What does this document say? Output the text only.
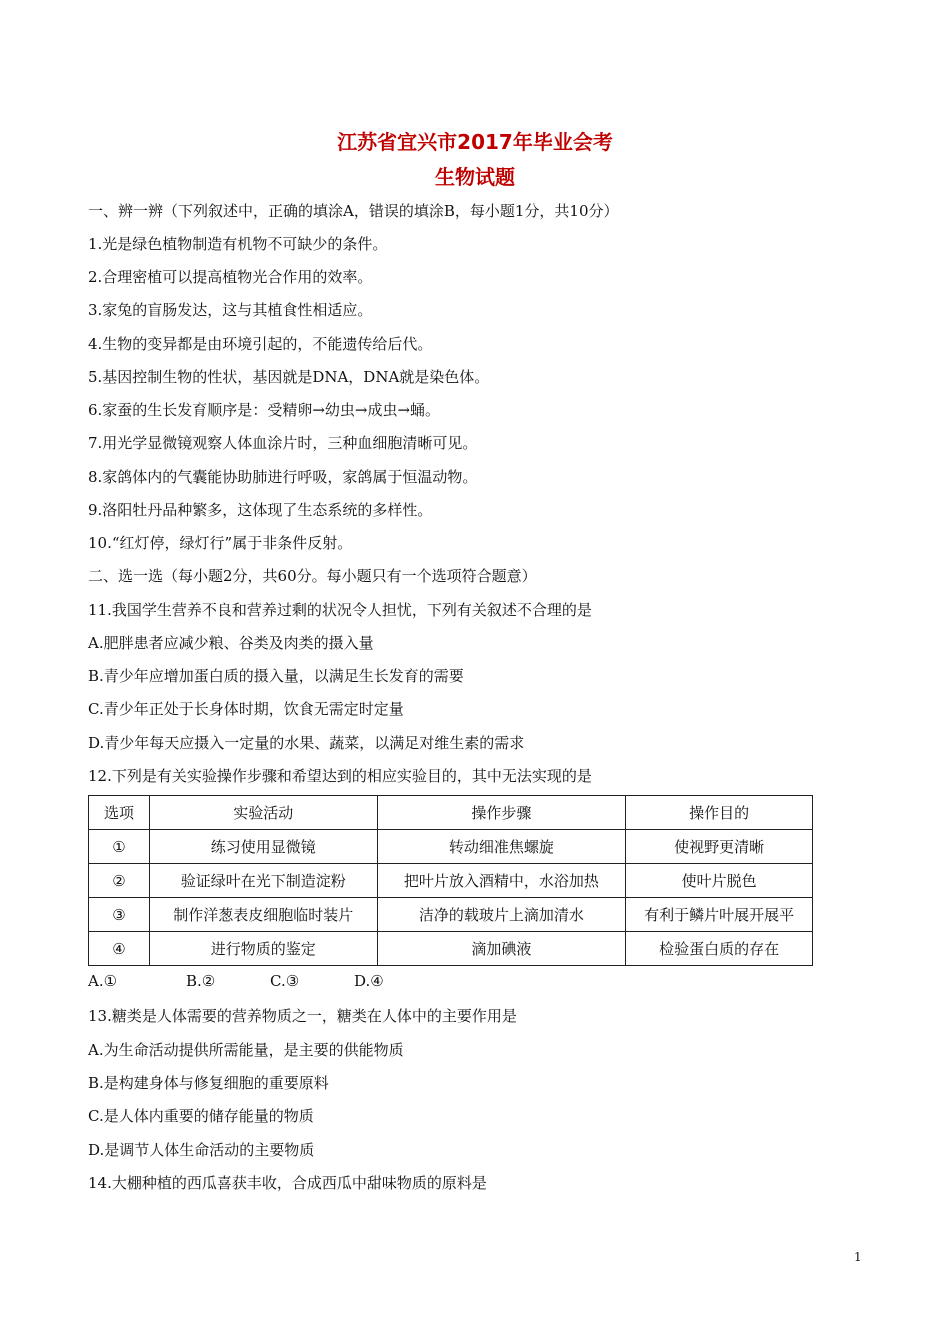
江苏省宜兴市2017年毕业会考
生物试题
一、辨一辨（下列叙述中，正确的填涂A，错误的填涂B，每小题1分，共10分）
1.光是绿色植物制造有机物不可缺少的条件。
2.合理密植可以提高植物光合作用的效率。
3.家兔的盲肠发达，这与其植食性相适应。
4.生物的变异都是由环境引起的，不能遗传给后代。
5.基因控制生物的性状，基因就是DNA，DNA就是染色体。
6.家蚕的生长发育顺序是：受精卵→幼虫→成虫→蛹。
7.用光学显微镜观察人体血涂片时，三种血细胞清晰可见。
8.家鸽体内的气囊能协助肺进行呼吸，家鸽属于恒温动物。
9.洛阳牡丹品种繁多，这体现了生态系统的多样性。
10.“红灯停，绿灯行”属于非条件反射。
二、选一选（每小题2分，共60分。每小题只有一个选项符合题意）
11.我国学生营养不良和营养过剩的状况令人担忧，下列有关叙述不合理的是
A.肥胖患者应减少粮、谷类及肉类的摄入量
B.青少年应增加蛋白质的摄入量，以满足生长发育的需要
C.青少年正处于长身体时期，饮食无需定时定量
D.青少年每天应摄入一定量的水果、蔬菜，以满足对维生素的需求
12.下列是有关实验操作步骤和希望达到的相应实验目的，其中无法实现的是
选项	实验活动	操作步骤	操作目的
①	练习使用显微镜	转动细准焦螺旋	使视野更清晰
②	验证绿叶在光下制造淀粉	把叶片放入酒精中，水浴加热	使叶片脱色
③	制作洋葱表皮细胞临时装片	洁净的载玻片上滴加清水	有利于鳞片叶展开展平
④	进行物质的鉴定	滴加碘液	检验蛋白质的存在
A.①	B.②	C.③	D.④
13.糖类是人体需要的营养物质之一，糖类在人体中的主要作用是
A.为生命活动提供所需能量，是主要的供能物质
B.是构建身体与修复细胞的重要原料
C.是人体内重要的储存能量的物质
D.是调节人体生命活动的主要物质
14.大棚种植的西瓜喜获丰收，合成西瓜中甜味物质的原料是
1
